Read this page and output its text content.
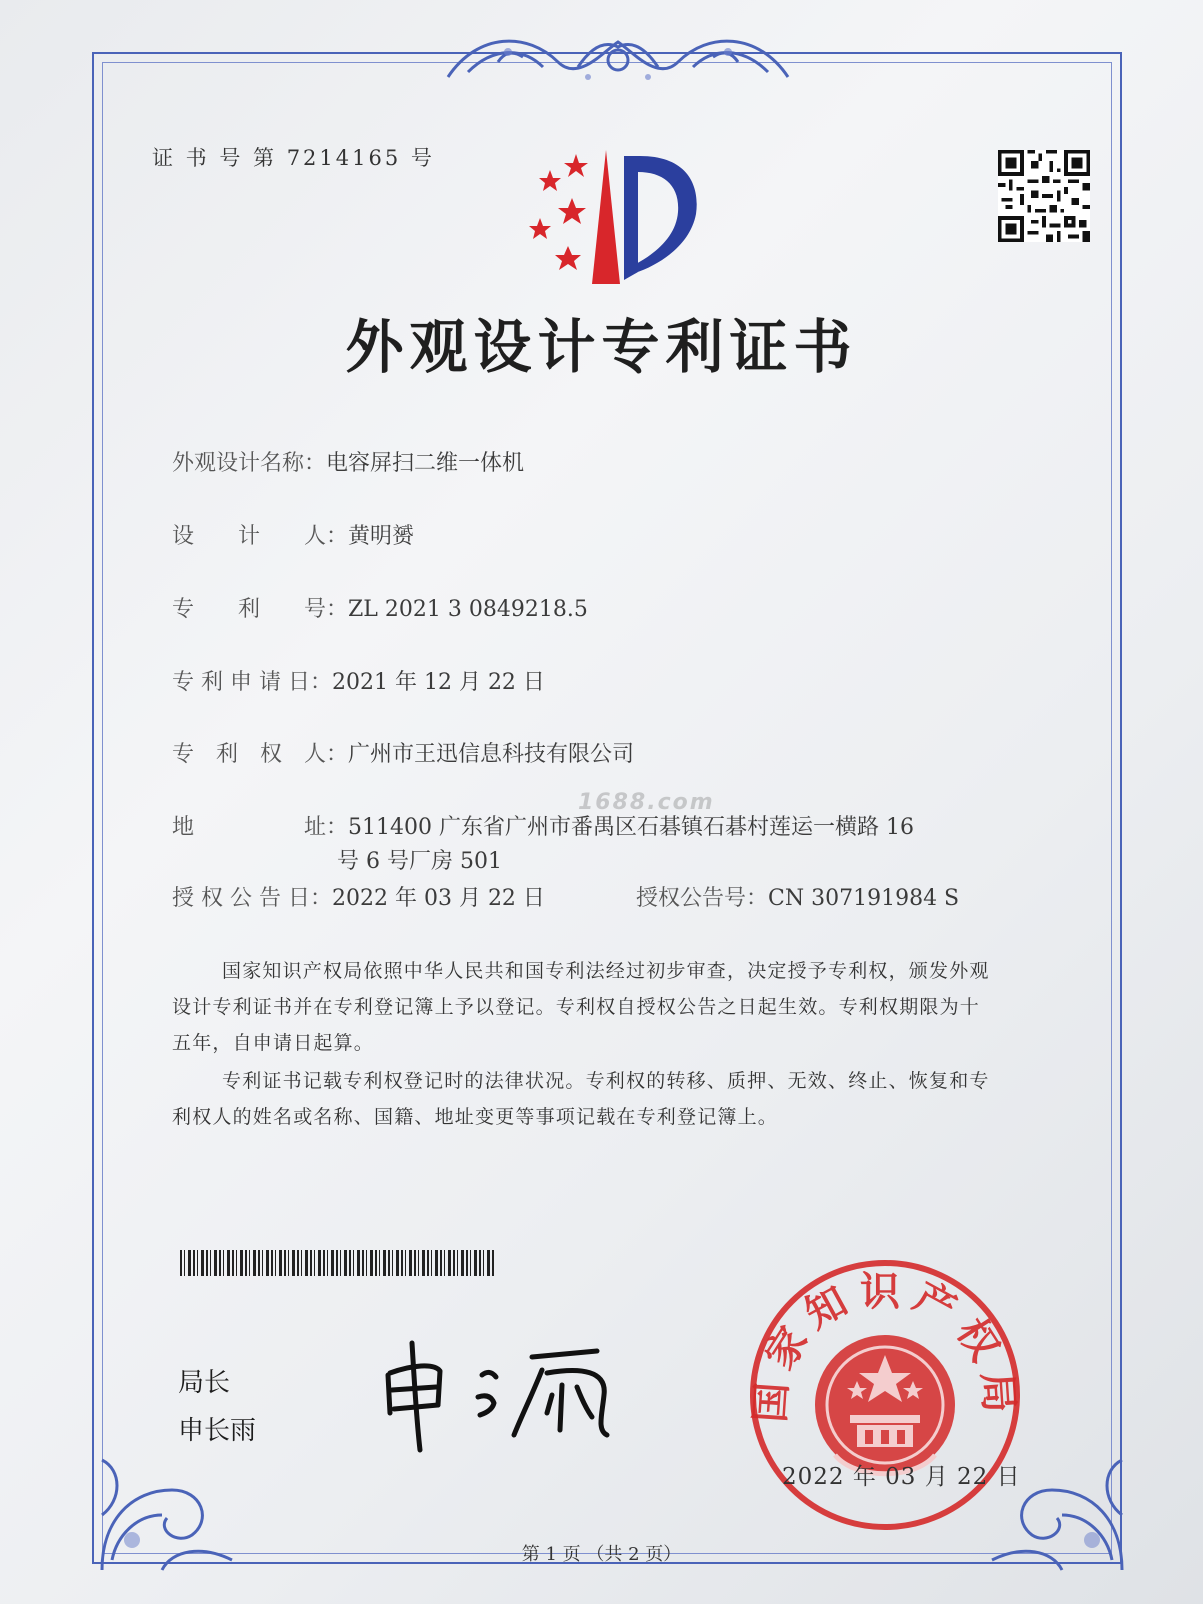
证 书 号 第 7214165 号
外观设计专利证书
外观设计名称：电容屏扫二维一体机
设　　计　　人：黄明赟
专　　利　　号：ZL 2021 3 0849218.5
专 利 申 请 日：2021 年 12 月 22 日
专　利　权　人：广州市王迅信息科技有限公司
1688.com
地　　　　　址：511400 广东省广州市番禺区石碁镇石碁村莲运一横路 16
号 6 号厂房 501
授 权 公 告 日：2022 年 03 月 22 日	授权公告号：CN 307191984 S
国家知识产权局依照中华人民共和国专利法经过初步审查，决定授予专利权，颁发外观
设计专利证书并在专利登记簿上予以登记。专利权自授权公告之日起生效。专利权期限为十
五年，自申请日起算。
专利证书记载专利权登记时的法律状况。专利权的转移、质押、无效、终止、恢复和专
利权人的姓名或名称、国籍、地址变更等事项记载在专利登记簿上。
局长
申长雨
国家知识产权局
2022 年 03 月 22 日
第 1 页 （共 2 页）
